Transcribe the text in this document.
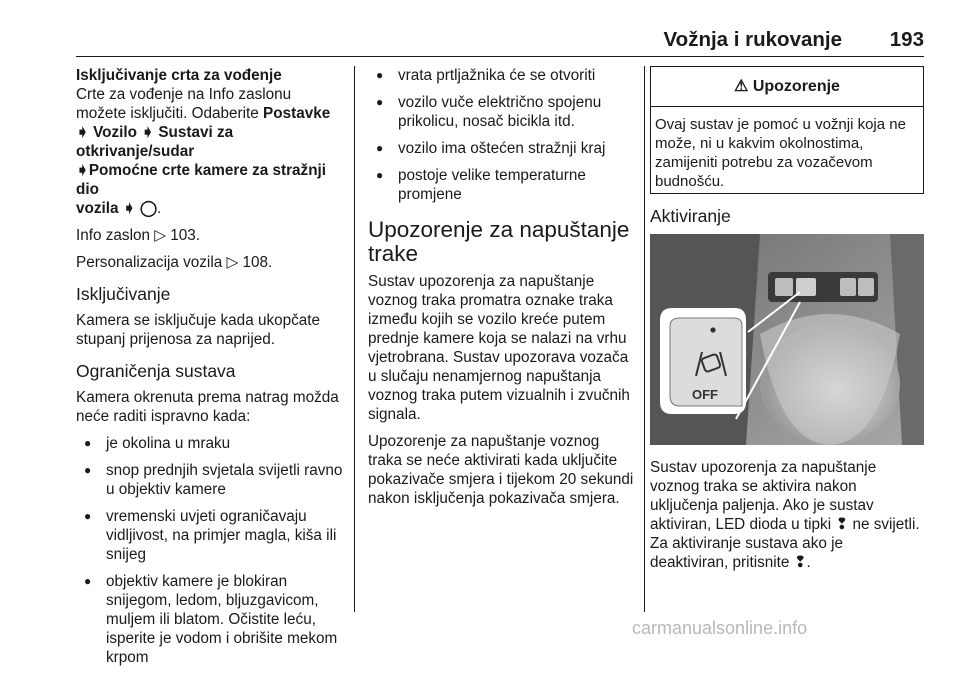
Vožnja i rukovanje 193
Isključivanje crta za vođenje

Crte za vođenje na Info zaslonu
možete isključiti. Odaberite Postavke
➧ Vozilo ➧ Sustavi za otkrivanje/sudar
➧Pomoćne crte kamere za stražnji dio
vozila ➧ ◯.

Info zaslon ▷ 103.

Personalizacija vozila ▷ 108.

Isključivanje

Kamera se isključuje kada ukopčate stupanj prijenosa za naprijed.

Ograničenja sustava

Kamera okrenuta prema natrag možda neće raditi ispravno kada:

● je okolina u mraku
● snop prednjih svjetala svijetli ravno u objektiv kamere
● vremenski uvjeti ograničavaju vidljivost, na primjer magla, kiša ili snijeg
● objektiv kamere je blokiran snijegom, ledom, bljuzgavicom, muljem ili blatom. Očistite leću, isperite je vodom i obrišite mekom krpom
● vrata prtljažnika će se otvoriti
● vozilo vuče električno spojenu prikolicu, nosač bicikla itd.
● vozilo ima oštećen stražnji kraj
● postoje velike temperaturne promjene
Upozorenje za napuštanje trake

Sustav upozorenja za napuštanje voznog traka promatra oznake traka između kojih se vozilo kreće putem prednje kamere koja se nalazi na vrhu vjetrobrana. Sustav upozorava vozača u slučaju nenamjernog napuštanja voznog traka putem vizualnih i zvučnih signala.

Upozorenje za napuštanje voznog traka se neće aktivirati kada uključite pokazivače smjera i tijekom 20 sekundi nakon isključenja pokazivača smjera.

⚠ Upozorenje
Ovaj sustav je pomoć u vožnji koja ne može, ni u kakvim okolnostima, zamijeniti potrebu za vozačevom budnošću.
Aktiviranje
OFF

Sustav upozorenja za napuštanje voznog traka se aktivira nakon uključenja paljenja. Ako je sustav aktiviran, LED dioda u tipki ❢ ne svijetli. Za aktiviranje sustava ako je deaktiviran, pritisnite ❢.

carmanualsonline.info
